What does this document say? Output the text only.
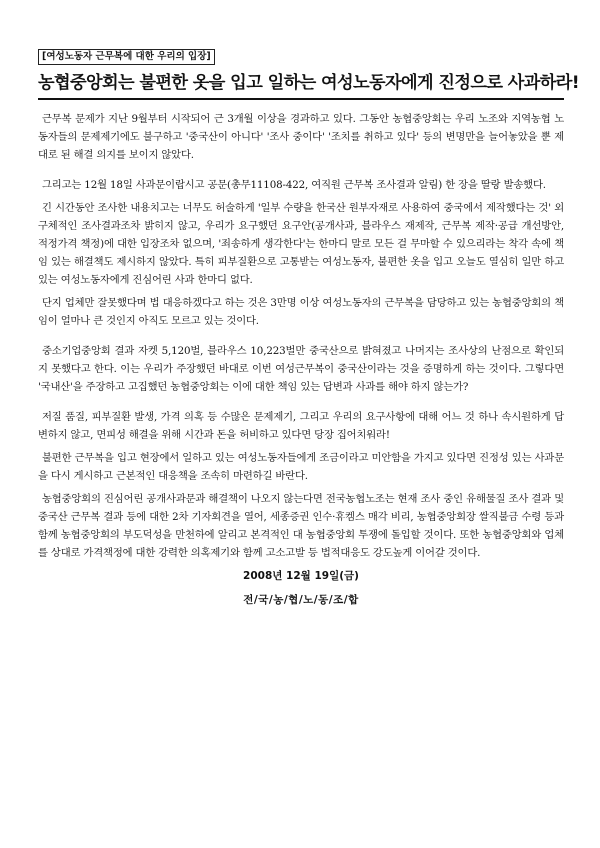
[여성노동자 근무복에 대한 우리의 입장]
농협중앙회는 불편한 옷을 입고 일하는 여성노동자에게 진정으로 사과하라!

근무복 문제가 지난 9월부터 시작되어 근 3개월 이상을 경과하고 있다. 그동안 농협중앙회는 우리 노조와 지역농협 노동자들의 문제제기에도 불구하고 '중국산이 아니다' '조사 중이다' '조치를 취하고 있다' 등의 변명만을 늘어놓았을 뿐 제대로 된 해결 의지를 보이지 않았다.

그리고는 12월 18일 사과문이랍시고 공문(총무11108-422, 여직원 근무복 조사결과 알림) 한 장을 딸랑 발송했다.

긴 시간동안 조사한 내용치고는 너무도 허술하게 '일부 수량을 한국산 원부자재로 사용하여 중국에서 제작했다는 것' 외 구체적인 조사결과조차 밝히지 않고, 우리가 요구했던 요구안(공개사과, 블라우스 재제작, 근무복 제작·공급 개선방안, 적정가격 책정)에 대한 입장조차 없으며, '죄송하게 생각한다'는 한마디 말로 모든 걸 무마할 수 있으리라는 착각 속에 책임 있는 해결책도 제시하지 않았다. 특히 피부질환으로 고통받는 여성노동자, 불편한 옷을 입고 오늘도 열심히 일만 하고 있는 여성노동자에게 진심어린 사과 한마디 없다.

단지 업체만 잘못했다며 법 대응하겠다고 하는 것은 3만명 이상 여성노동자의 근무복을 담당하고 있는 농협중앙회의 책임이 얼마나 큰 것인지 아직도 모르고 있는 것이다.

중소기업중앙회 결과 자켓 5,120벌, 블라우스 10,223벌만 중국산으로 밝혀졌고 나머지는 조사상의 난점으로 확인되지 못했다고 한다. 이는 우리가 주장했던 바대로 이번 여성근무복이 중국산이라는 것을 증명하게 하는 것이다. 그렇다면 '국내산'을 주장하고 고집했던 농협중앙회는 이에 대한 책임 있는 답변과 사과를 해야 하지 않는가?

저질 품질, 피부질환 발생, 가격 의혹 등 수많은 문제제기, 그리고 우리의 요구사항에 대해 어느 것 하나 속시원하게 답변하지 않고, 면피성 해결을 위해 시간과 돈을 허비하고 있다면 당장 집어치워라!

불편한 근무복을 입고 현장에서 일하고 있는 여성노동자들에게 조금이라고 미안함을 가지고 있다면 진정성 있는 사과문을 다시 게시하고 근본적인 대응책을 조속히 마련하길 바란다.

농협중앙회의 진심어린 공개사과문과 해결책이 나오지 않는다면 전국농협노조는 현재 조사 중인 유해물질 조사 결과 및 중국산 근무복 결과 등에 대한 2차 기자회견을 열어, 세종증권 인수·휴켐스 매각 비리, 농협중앙회장 쌀직불금 수령 등과 함께 농협중앙회의 부도덕성을 만천하에 알리고 본격적인 대 농협중앙회 투쟁에 돌입할 것이다. 또한 농협중앙회와 업체를 상대로 가격책정에 대한 강력한 의혹제기와 함께 고소고발 등 법적대응도 강도높게 이어갈 것이다.

2008년 12월 19일(금)
전/국/농/협/노/동/조/합
